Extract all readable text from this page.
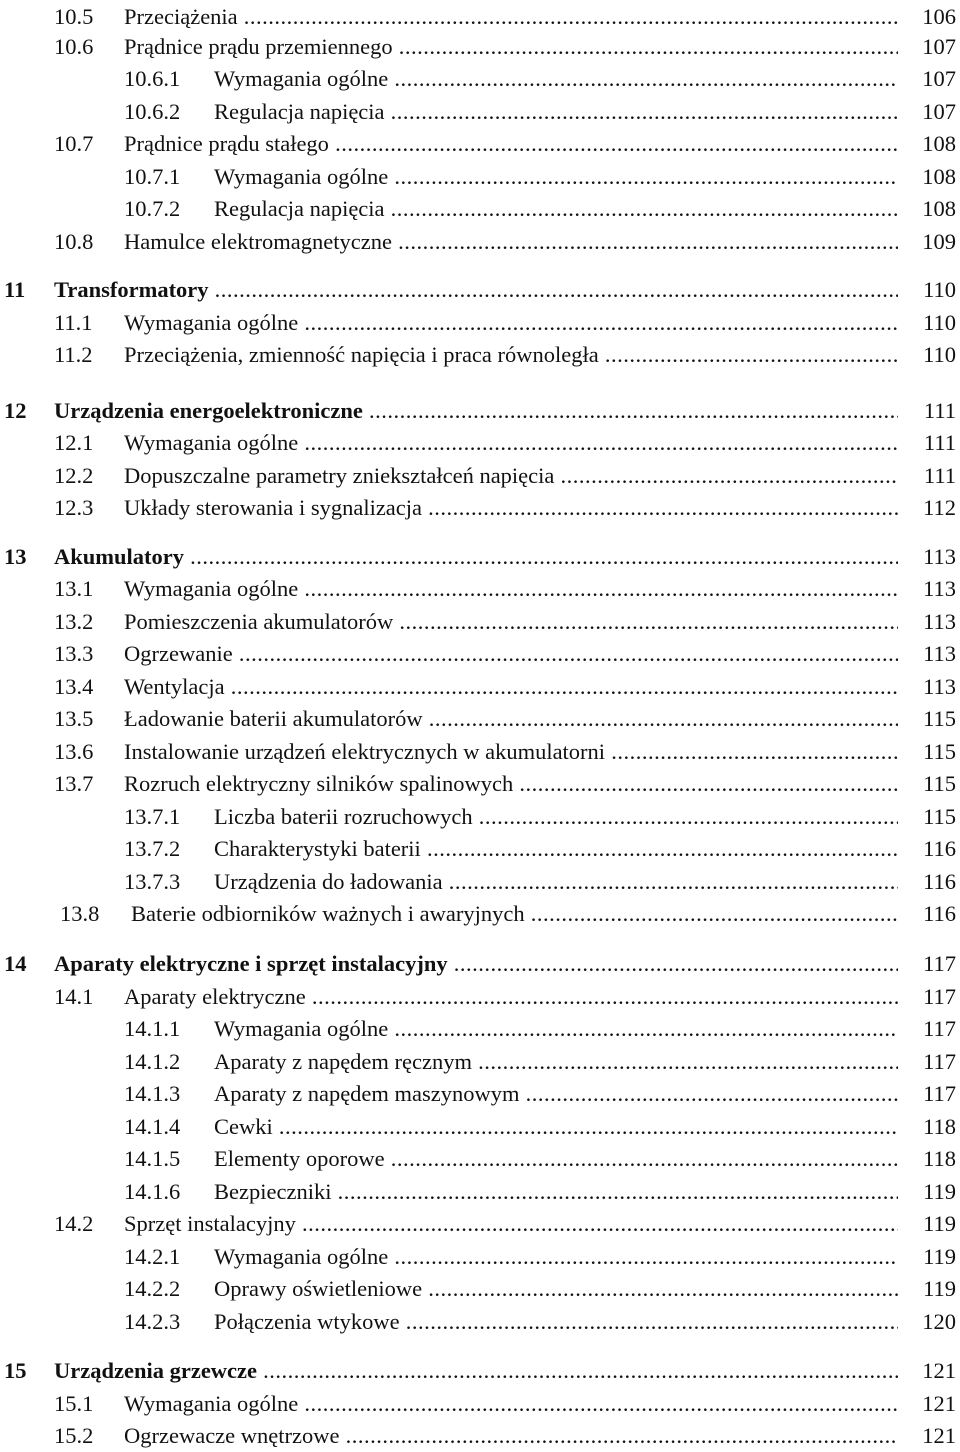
10.5 Przeciążenia .....	106
10.6 Prądnice prądu przemiennego .....	107
10.6.1 Wymagania ogólne .....	107
10.6.2 Regulacja napięcia .....	107
10.7 Prądnice prądu stałego .....	108
10.7.1 Wymagania ogólne .....	108
10.7.2 Regulacja napięcia .....	108
10.8 Hamulce elektromagnetyczne .....	109
11 Transformatory .....	110
11.1 Wymagania ogólne .....	110
11.2 Przeciążenia, zmienność napięcia i praca równoległa .....	110
12 Urządzenia energoelektroniczne .....	111
12.1 Wymagania ogólne .....	111
12.2 Dopuszczalne parametry zniekształceń napięcia .....	111
12.3 Układy sterowania i sygnalizacja .....	112
13 Akumulatory .....	113
13.1 Wymagania ogólne .....	113
13.2 Pomieszczenia akumulatorów .....	113
13.3 Ogrzewanie .....	113
13.4 Wentylacja .....	113
13.5 Ładowanie baterii akumulatorów .....	115
13.6 Instalowanie urządzeń elektrycznych w akumulatorni .....	115
13.7 Rozruch elektryczny silników spalinowych .....	115
13.7.1 Liczba baterii rozruchowych .....	115
13.7.2 Charakterystyki baterii .....	116
13.7.3 Urządzenia do ładowania .....	116
13.8 Baterie odbiorników ważnych i awaryjnych .....	116
14 Aparaty elektryczne i sprzęt instalacyjny .....	117
14.1 Aparaty elektryczne .....	117
14.1.1 Wymagania ogólne .....	117
14.1.2 Aparaty z napędem ręcznym .....	117
14.1.3 Aparaty z napędem maszynowym .....	117
14.1.4 Cewki .....	118
14.1.5 Elementy oporowe .....	118
14.1.6 Bezpieczniki .....	119
14.2 Sprzęt instalacyjny .....	119
14.2.1 Wymagania ogólne .....	119
14.2.2 Oprawy oświetleniowe .....	119
14.2.3 Połączenia wtykowe .....	120
15 Urządzenia grzewcze .....	121
15.1 Wymagania ogólne .....	121
15.2 Ogrzewacze wnętrzowe .....	121
